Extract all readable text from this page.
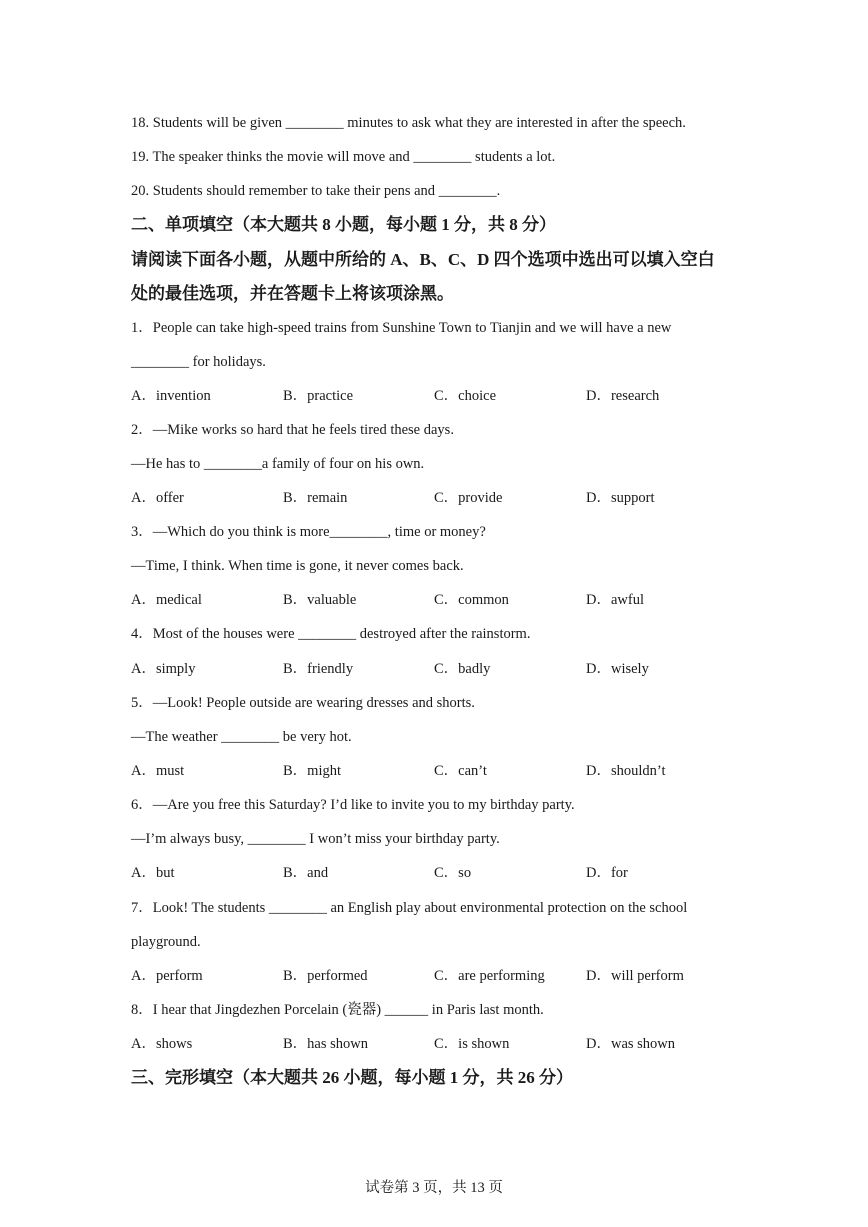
18. Students will be given ________ minutes to ask what they are interested in after the speech.
19. The speaker thinks the movie will move and ________ students a lot.
20. Students should remember to take their pens and ________.
二、单项填空（本大题共 8 小题，每小题 1 分，共 8 分）
请阅读下面各小题，从题中所给的 A、B、C、D 四个选项中选出可以填入空白
处的最佳选项，并在答题卡上将该项涂黑。
1．People can take high-speed trains from Sunshine Town to Tianjin and we will have a new
________ for holidays.
A．invention	B．practice	C．choice	D．research
2．—Mike works so hard that he feels tired these days.
—He has to ________a family of four on his own.
A．offer	B．remain	C．provide	D．support
3．—Which do you think is more________, time or money?
—Time, I think. When time is gone, it never comes back.
A．medical	B．valuable	C．common	D．awful
4．Most of the houses were ________ destroyed after the rainstorm.
A．simply	B．friendly	C．badly	D．wisely
5．—Look! People outside are wearing dresses and shorts.
—The weather ________ be very hot.
A．must	B．might	C．can’t	D．shouldn’t
6．—Are you free this Saturday? I’d like to invite you to my birthday party.
—I’m always busy, ________ I won’t miss your birthday party.
A．but	B．and	C．so	D．for
7．Look! The students ________ an English play about environmental protection on the school
playground.
A．perform	B．performed	C．are performing	D．will perform
8．I hear that Jingdezhen Porcelain (瓷器) ______ in Paris last month.
A．shows	B．has shown	C．is shown	D．was shown
三、完形填空（本大题共 26 小题，每小题 1 分，共 26 分）
试卷第 3 页，共 13 页
